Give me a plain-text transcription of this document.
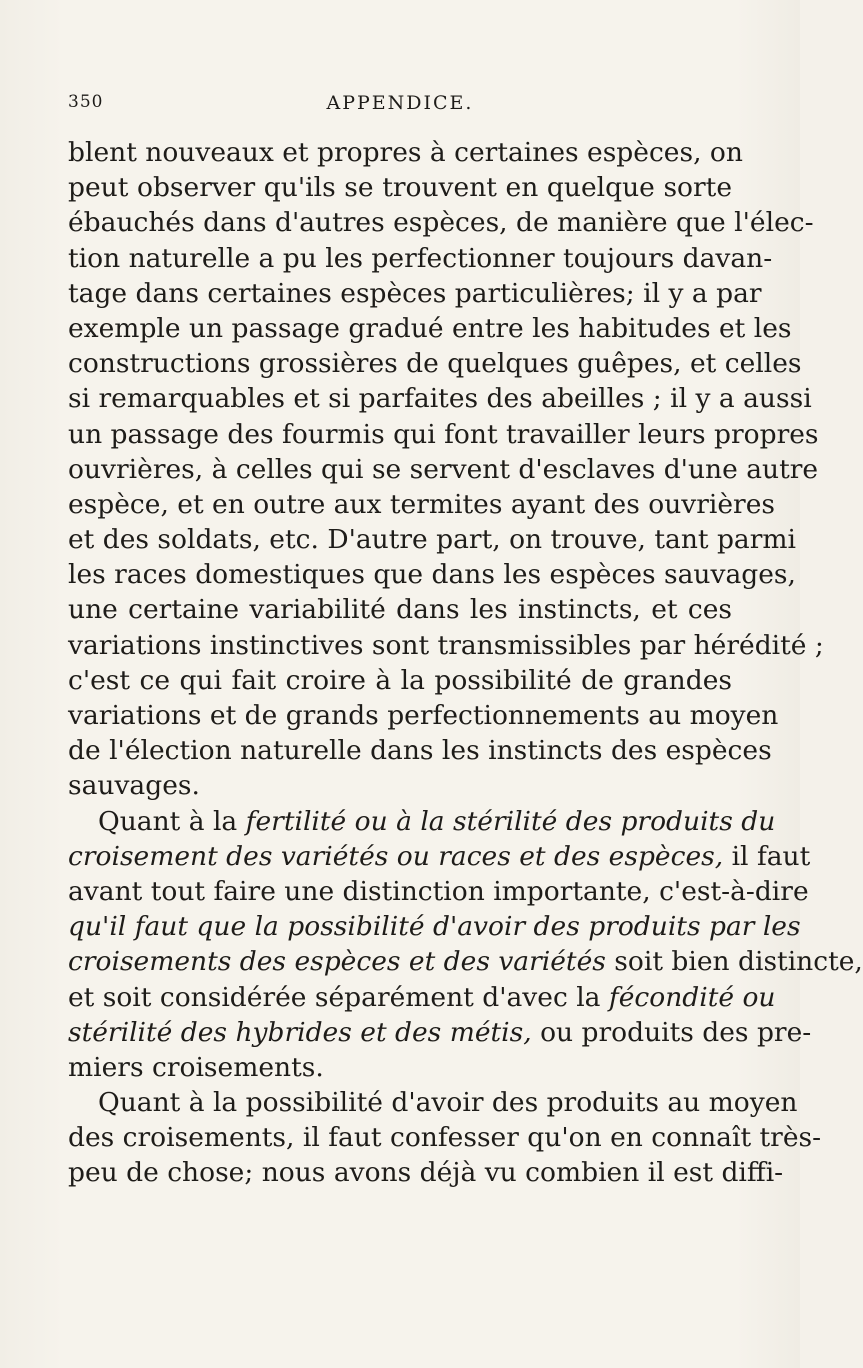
350	APPENDICE.
blent nouveaux et propres à certaines espèces, on
peut observer qu'ils se trouvent en quelque sorte
ébauchés dans d'autres espèces, de manière que l'élec-
tion naturelle a pu les perfectionner toujours davan-
tage dans certaines espèces particulières; il y a par
exemple un passage gradué entre les habitudes et les
constructions grossières de quelques guêpes, et celles
si remarquables et si parfaites des abeilles ; il y a aussi
un passage des fourmis qui font travailler leurs propres
ouvrières, à celles qui se servent d'esclaves d'une autre
espèce, et en outre aux termites ayant des ouvrières
et des soldats, etc. D'autre part, on trouve, tant parmi
les races domestiques que dans les espèces sauvages,
une certaine variabilité dans les instincts, et ces
variations instinctives sont transmissibles par hérédité ;
c'est ce qui fait croire à la possibilité de grandes
variations et de grands perfectionnements au moyen
de l'élection naturelle dans les instincts des espèces
sauvages.
Quant à la fertilité ou à la stérilité des produits du
croisement des variétés ou races et des espèces, il faut
avant tout faire une distinction importante, c'est-à-dire
qu'il faut que la possibilité d'avoir des produits par les
croisements des espèces et des variétés soit bien distincte,
et soit considérée séparément d'avec la fécondité ou
stérilité des hybrides et des métis, ou produits des pre-
miers croisements.
Quant à la possibilité d'avoir des produits au moyen
des croisements, il faut confesser qu'on en connaît très-
peu de chose; nous avons déjà vu combien il est diffi-
